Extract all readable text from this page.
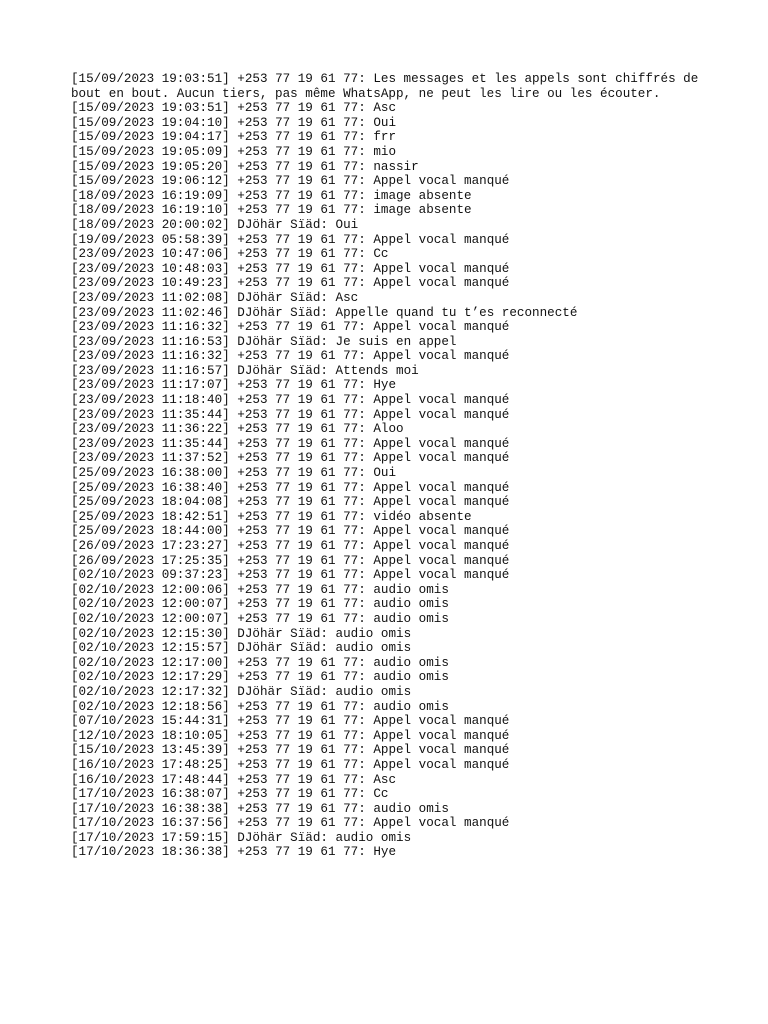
[15/09/2023 19:03:51] +253 77 19 61 77: Les messages et les appels sont chiffrés de bout en bout. Aucun tiers, pas même WhatsApp, ne peut les lire ou les écouter.
[15/09/2023 19:03:51] +253 77 19 61 77: Asc
[15/09/2023 19:04:10] +253 77 19 61 77: Oui
[15/09/2023 19:04:17] +253 77 19 61 77: frr
[15/09/2023 19:05:09] +253 77 19 61 77: mio
[15/09/2023 19:05:20] +253 77 19 61 77: nassir
[15/09/2023 19:06:12] +253 77 19 61 77: Appel vocal manqué
[18/09/2023 16:19:09] +253 77 19 61 77: image absente
[18/09/2023 16:19:10] +253 77 19 61 77: image absente
[18/09/2023 20:00:02] DJöhär Sïäd: Oui
[19/09/2023 05:58:39] +253 77 19 61 77: Appel vocal manqué
[23/09/2023 10:47:06] +253 77 19 61 77: Cc
[23/09/2023 10:48:03] +253 77 19 61 77: Appel vocal manqué
[23/09/2023 10:49:23] +253 77 19 61 77: Appel vocal manqué
[23/09/2023 11:02:08] DJöhär Sïäd: Asc
[23/09/2023 11:02:46] DJöhär Sïäd: Appelle quand tu t’es reconnecté
[23/09/2023 11:16:32] +253 77 19 61 77: Appel vocal manqué
[23/09/2023 11:16:53] DJöhär Sïäd: Je suis en appel
[23/09/2023 11:16:32] +253 77 19 61 77: Appel vocal manqué
[23/09/2023 11:16:57] DJöhär Sïäd: Attends moi
[23/09/2023 11:17:07] +253 77 19 61 77: Hye
[23/09/2023 11:18:40] +253 77 19 61 77: Appel vocal manqué
[23/09/2023 11:35:44] +253 77 19 61 77: Appel vocal manqué
[23/09/2023 11:36:22] +253 77 19 61 77: Aloo
[23/09/2023 11:35:44] +253 77 19 61 77: Appel vocal manqué
[23/09/2023 11:37:52] +253 77 19 61 77: Appel vocal manqué
[25/09/2023 16:38:00] +253 77 19 61 77: Oui
[25/09/2023 16:38:40] +253 77 19 61 77: Appel vocal manqué
[25/09/2023 18:04:08] +253 77 19 61 77: Appel vocal manqué
[25/09/2023 18:42:51] +253 77 19 61 77: vidéo absente
[25/09/2023 18:44:00] +253 77 19 61 77: Appel vocal manqué
[26/09/2023 17:23:27] +253 77 19 61 77: Appel vocal manqué
[26/09/2023 17:25:35] +253 77 19 61 77: Appel vocal manqué
[02/10/2023 09:37:23] +253 77 19 61 77: Appel vocal manqué
[02/10/2023 12:00:06] +253 77 19 61 77: audio omis
[02/10/2023 12:00:07] +253 77 19 61 77: audio omis
[02/10/2023 12:00:07] +253 77 19 61 77: audio omis
[02/10/2023 12:15:30] DJöhär Sïäd: audio omis
[02/10/2023 12:15:57] DJöhär Sïäd: audio omis
[02/10/2023 12:17:00] +253 77 19 61 77: audio omis
[02/10/2023 12:17:29] +253 77 19 61 77: audio omis
[02/10/2023 12:17:32] DJöhär Sïäd: audio omis
[02/10/2023 12:18:56] +253 77 19 61 77: audio omis
[07/10/2023 15:44:31] +253 77 19 61 77: Appel vocal manqué
[12/10/2023 18:10:05] +253 77 19 61 77: Appel vocal manqué
[15/10/2023 13:45:39] +253 77 19 61 77: Appel vocal manqué
[16/10/2023 17:48:25] +253 77 19 61 77: Appel vocal manqué
[16/10/2023 17:48:44] +253 77 19 61 77: Asc
[17/10/2023 16:38:07] +253 77 19 61 77: Cc
[17/10/2023 16:38:38] +253 77 19 61 77: audio omis
[17/10/2023 16:37:56] +253 77 19 61 77: Appel vocal manqué
[17/10/2023 17:59:15] DJöhär Sïäd: audio omis
[17/10/2023 18:36:38] +253 77 19 61 77: Hye
